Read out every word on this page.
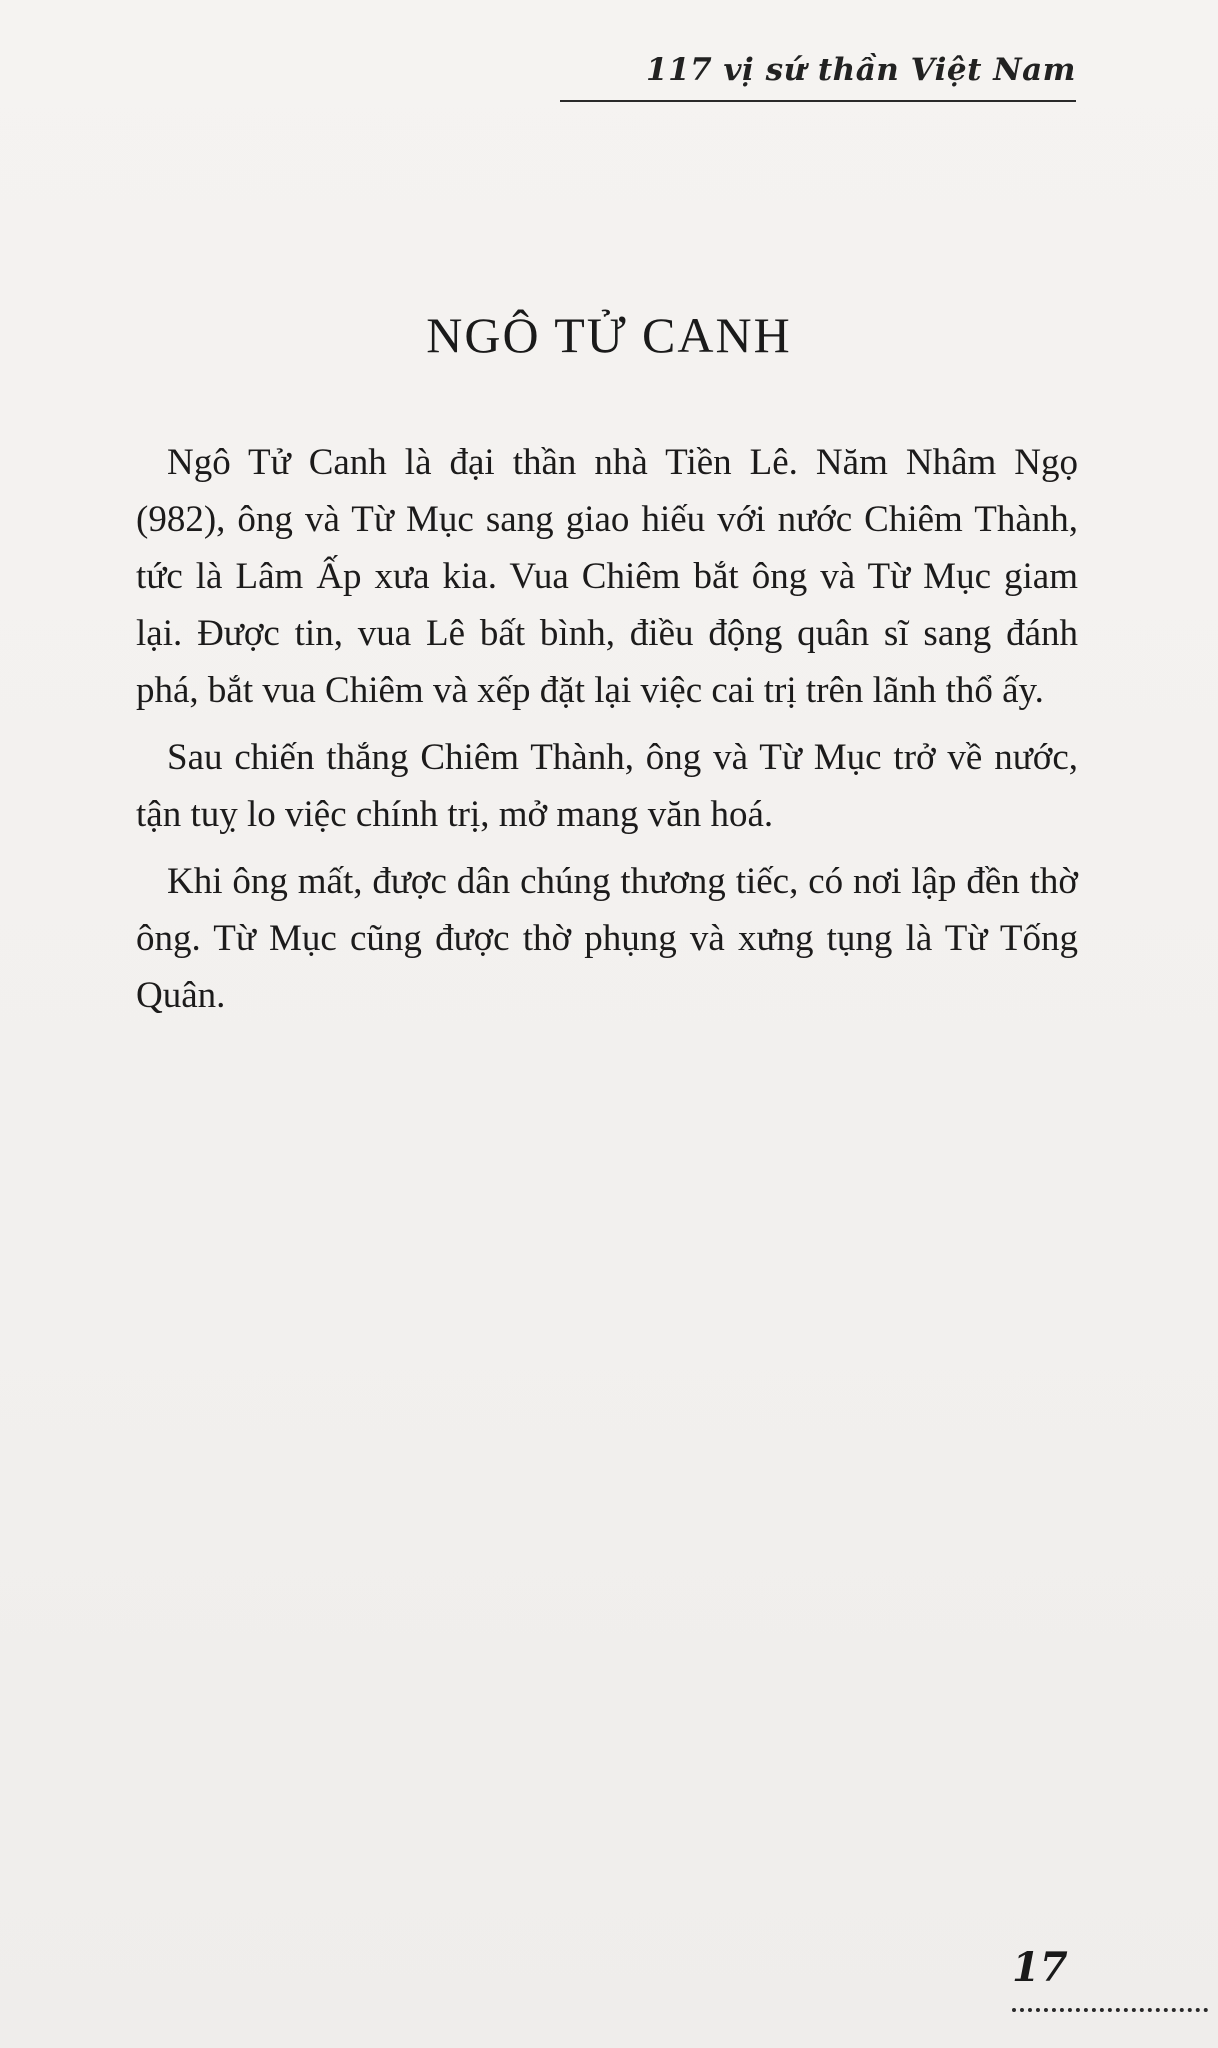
117 vị sứ thần Việt Nam
NGÔ TỬ CANH

Ngô Tử Canh là đại thần nhà Tiền Lê. Năm Nhâm Ngọ (982), ông và Từ Mục sang giao hiếu với nước Chiêm Thành, tức là Lâm Ấp xưa kia. Vua Chiêm bắt ông và Từ Mục giam lại. Được tin, vua Lê bất bình, điều động quân sĩ sang đánh phá, bắt vua Chiêm và xếp đặt lại việc cai trị trên lãnh thổ ấy.

Sau chiến thắng Chiêm Thành, ông và Từ Mục trở về nước, tận tuỵ lo việc chính trị, mở mang văn hoá.

Khi ông mất, được dân chúng thương tiếc, có nơi lập đền thờ ông. Từ Mục cũng được thờ phụng và xưng tụng là Từ Tống Quân.

17
